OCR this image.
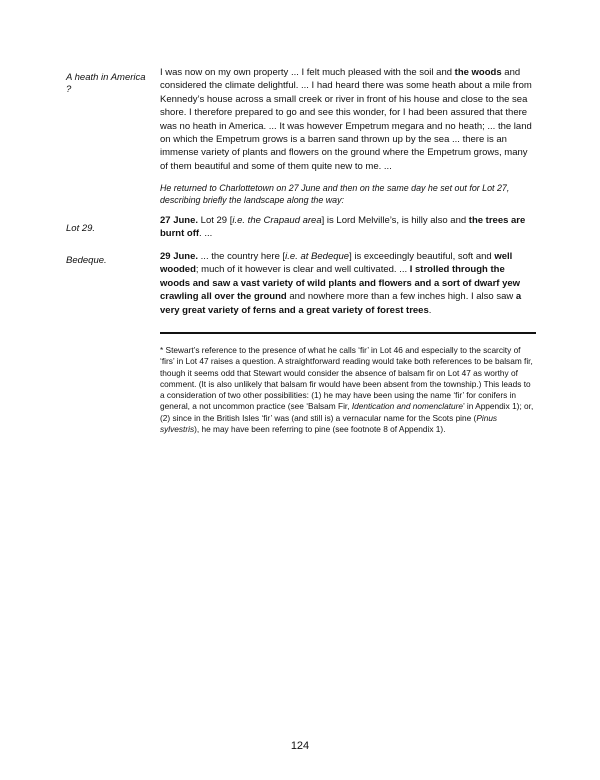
A heath in America ?
Lot 29.
Bedeque.

I was now on my own property ... I felt much pleased with the soil and the woods and considered the climate delightful. ... I had heard there was some heath about a mile from Kennedy’s house across a small creek or river in front of his house and close to the sea shore. I therefore prepared to go and see this wonder, for I had been assured that there was no heath in America. ... It was however Empetrum megara and no heath; ... the land on which the Empetrum grows is a barren sand thrown up by the sea ... there is an immense variety of plants and flowers on the ground where the Empetrum grows, many of them beautiful and some of them quite new to me. ...

He returned to Charlottetown on 27 June and then on the same day he set out for Lot 27, describing briefly the landscape along the way:

27 June. Lot 29 [i.e. the Crapaud area] is Lord Melville’s, is hilly also and the trees are burnt off. ...

29 June. ... the country here [i.e. at Bedeque] is exceedingly beautiful, soft and well wooded; much of it however is clear and well cultivated. ... I strolled through the woods and saw a vast variety of wild plants and flowers and a sort of dwarf yew crawling all over the ground and nowhere more than a few inches high. I also saw a very great variety of ferns and a great variety of forest trees.

* Stewart’s reference to the presence of what he calls ‘fir’ in Lot 46 and especially to the scarcity of ‘firs’ in Lot 47 raises a question. A straightforward reading would take both references to be balsam fir, though it seems odd that Stewart would consider the absence of balsam fir on Lot 47 as worthy of comment. (It is also unlikely that balsam fir would have been absent from the township.) This leads to a consideration of two other possibilities: (1) he may have been using the name ‘fir’ for conifers in general, a not uncommon practice (see ‘Balsam Fir, Identication and nomenclature’ in Appendix 1); or, (2) since in the British Isles ‘fir’ was (and still is) a vernacular name for the Scots pine (Pinus sylvestris), he may have been referring to pine (see footnote 8 of Appendix 1).

124
